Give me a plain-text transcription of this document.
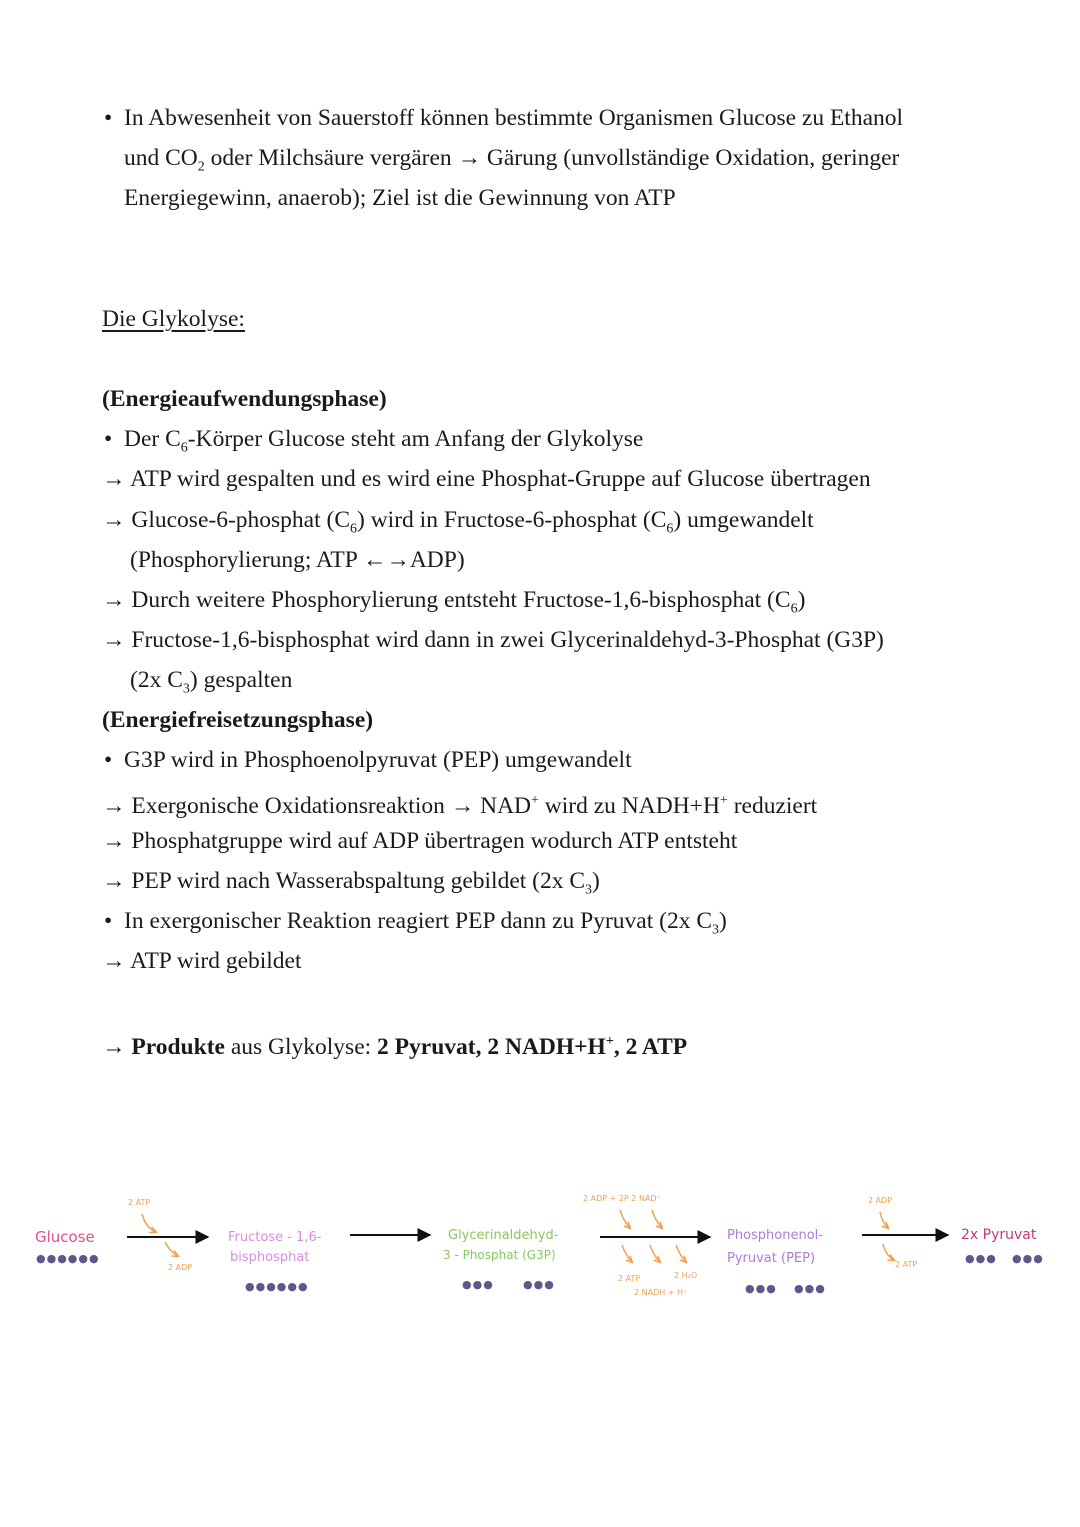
• In Abwesenheit von Sauerstoff können bestimmte Organismen Glucose zu Ethanol
und $CO_2$ oder Milchsäure vergären → Gärung (unvollständige Oxidation, geringer
Energiegewinn, anaerob); Ziel ist die Gewinnung von ATP
Die Glykolyse:
(Energieaufwendungsphase)
• Der $C_6$-Körper Glucose steht am Anfang der Glykolyse
→ ATP wird gespalten und es wird eine Phosphat-Gruppe auf Glucose übertragen
→ Glucose-6-phosphat $(C_6)$ wird in Fructose-6-phosphat $(C_6)$ umgewandelt
(Phosphorylierung; ATP ←→ADP)
→ Durch weitere Phosphorylierung entsteht Fructose-1,6-bisphosphat $(C_6)$
→ Fructose-1,6-bisphosphat wird dann in zwei Glycerinaldehyd-3-Phosphat (G3P)
(2x $C_3$) gespalten
(Energiefreisetzungsphase)
• G3P wird in Phosphoenolpyruvat (PEP) umgewandelt
→ Exergonische Oxidationsreaktion → NAD+ wird zu NADH+H+ reduziert
→ Phosphatgruppe wird auf ADP übertragen wodurch ATP entsteht
→ PEP wird nach Wasserabspaltung gebildet (2x $C_3$)
• In exergonischer Reaktion reagiert PEP dann zu Pyruvat (2x $C_3$)
→ ATP wird gebildet
→ Produkte aus Glykolyse: 2 Pyruvat, 2 NADH+H+, 2 ATP
Glucose
●●●●●●
Fructose - 1,6-
bisphosphat
●●●●●●
Glycerinaldehyd-
3 - Phosphat (G3P)
●●●	●●●
Phosphonenol-
Pyruvat (PEP)
●●● ●●●
2x Pyruvat
●●● ●●●
2 ATP
2 ADP
2 ADP + 2P 2 NAD⁺
2 ATP	2 H₂O
2 NADH + H⁺
2 ADP
2 ATP
